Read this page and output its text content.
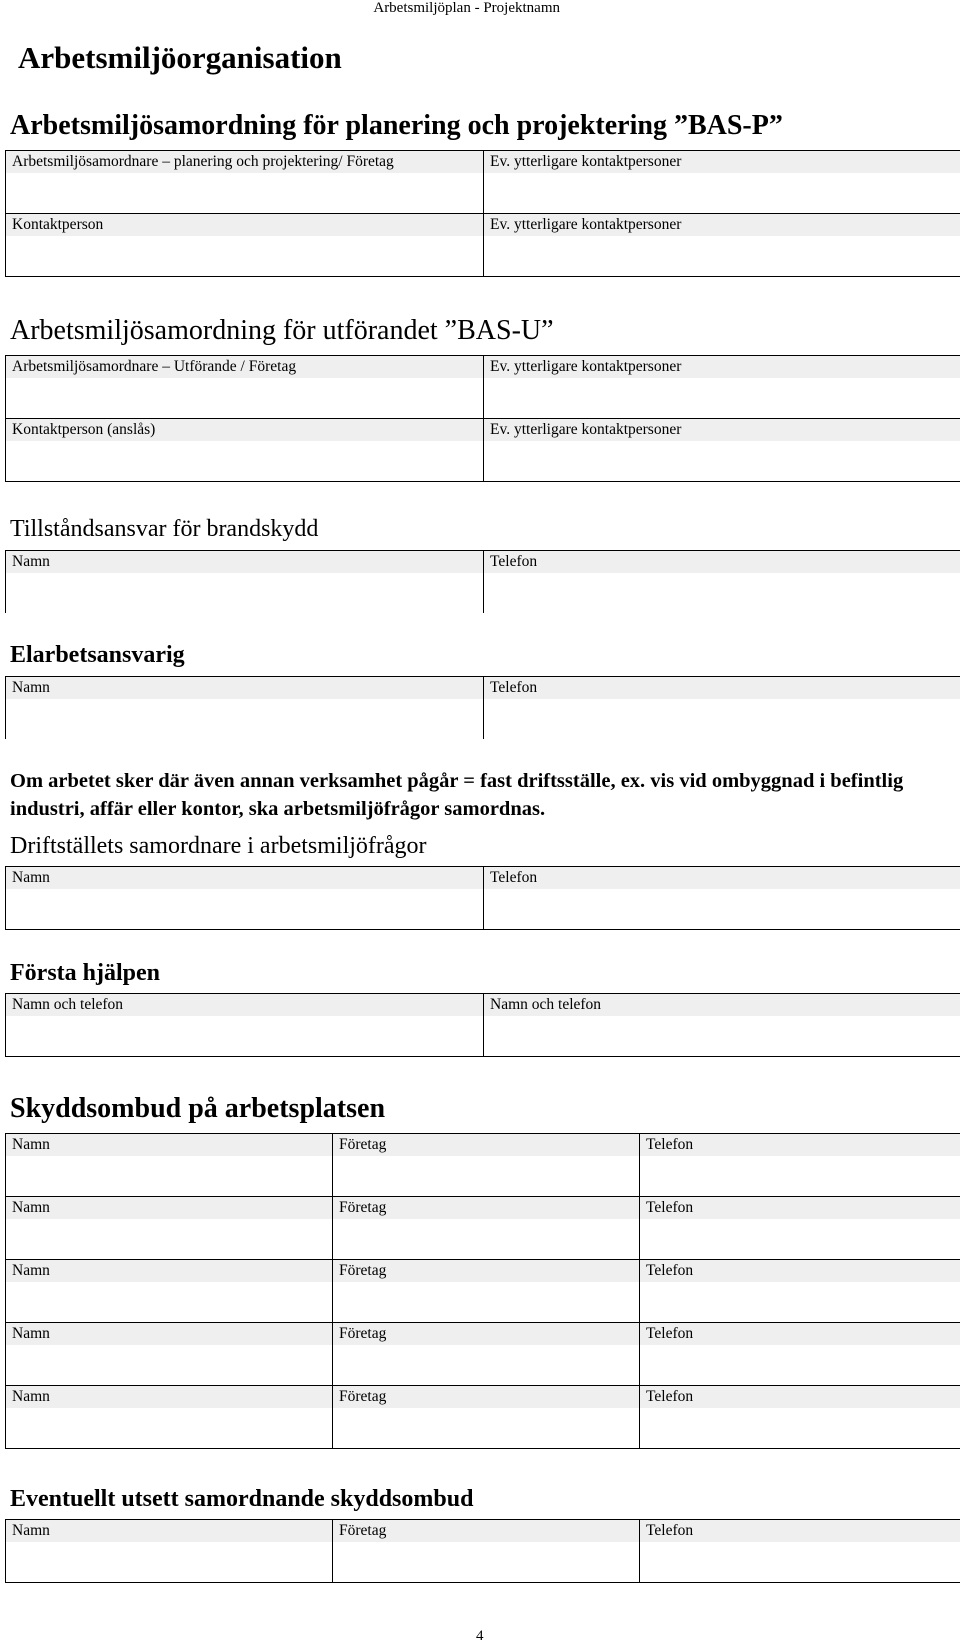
Arbetsmiljöplan - Projektnamn
Arbetsmiljöorganisation
Arbetsmiljösamordning för planering och projektering ”BAS-P”
Arbetsmiljösamordnare – planering och projektering/ Företag	Ev. ytterligare kontaktpersoner

Kontaktperson	Ev. ytterligare kontaktpersoner
Arbetsmiljösamordning för utförandet ”BAS-U”
Arbetsmiljösamordnare – Utförande / Företag	Ev. ytterligare kontaktpersoner

Kontaktperson (anslås)	Ev. ytterligare kontaktpersoner
Tillståndsansvar för brandskydd
Namn	Telefon
Elarbetsansvarig
Namn	Telefon
Om arbetet sker där även annan verksamhet pågår = fast driftsställe, ex. vis vid ombyggnad i befintlig industri, affär eller kontor, ska arbetsmiljöfrågor samordnas.
Driftställets samordnare i arbetsmiljöfrågor
Namn	Telefon
Första hjälpen
Namn och telefon	Namn och telefon
Skyddsombud på arbetsplatsen
Namn	Företag	Telefon

Namn	Företag	Telefon

Namn	Företag	Telefon

Namn	Företag	Telefon

Namn	Företag	Telefon
Eventuellt utsett samordnande skyddsombud
Namn	Företag	Telefon
4
